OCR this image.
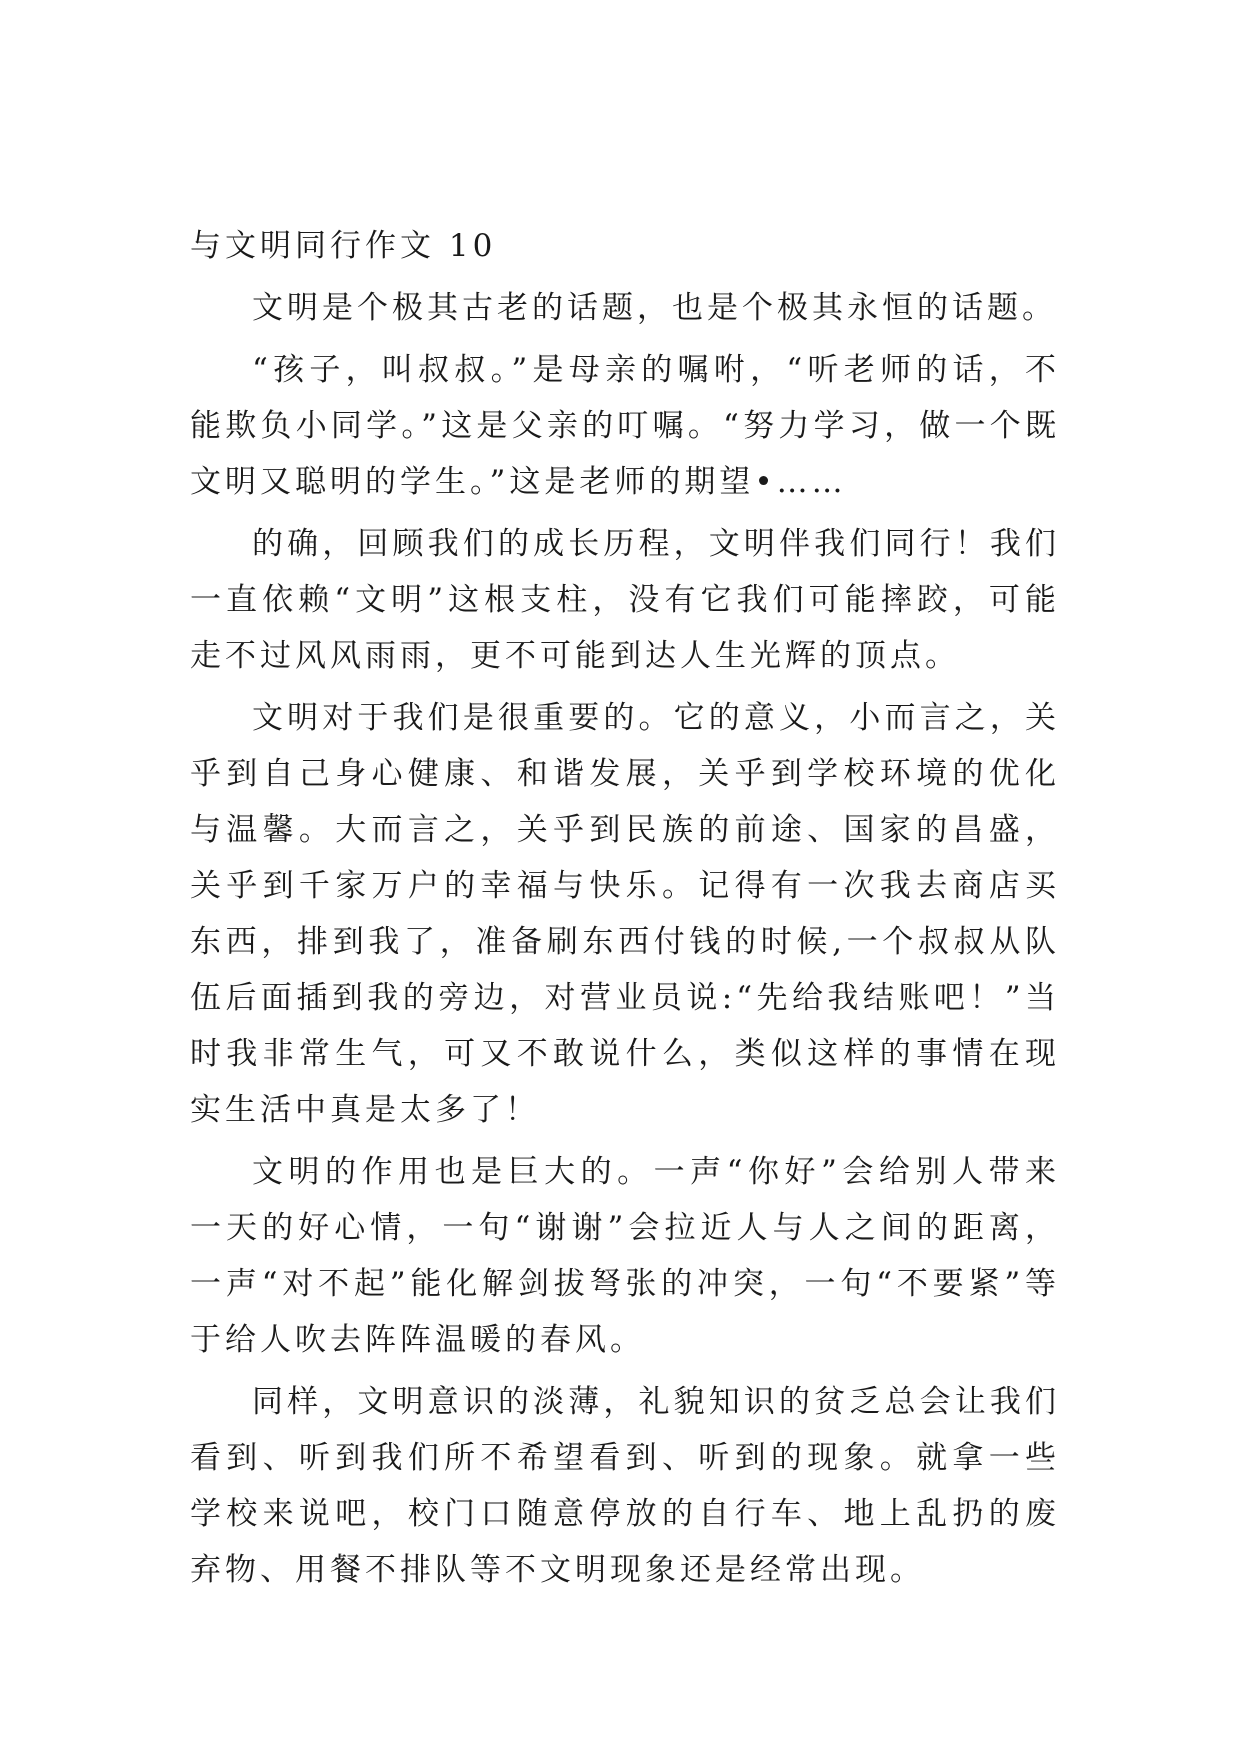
与文明同行作文 10

文明是个极其古老的话题，也是个极其永恒的话题。

“孩子，叫叔叔。”是母亲的嘱咐，“听老师的话，不能欺负小同学。”这是父亲的叮嘱。“努力学习，做一个既文明又聪明的学生。”这是老师的期望•……

的确，回顾我们的成长历程，文明伴我们同行！我们一直依赖“文明”这根支柱，没有它我们可能摔跤，可能走不过风风雨雨，更不可能到达人生光辉的顶点。

文明对于我们是很重要的。它的意义，小而言之，关乎到自己身心健康、和谐发展，关乎到学校环境的优化与温馨。大而言之，关乎到民族的前途、国家的昌盛，关乎到千家万户的幸福与快乐。记得有一次我去商店买东西，排到我了，准备刷东西付钱的时候,一个叔叔从队伍后面插到我的旁边，对营业员说:“先给我结账吧！”当时我非常生气，可又不敢说什么，类似这样的事情在现实生活中真是太多了！

文明的作用也是巨大的。一声“你好”会给别人带来一天的好心情，一句“谢谢”会拉近人与人之间的距离，一声“对不起”能化解剑拔弩张的冲突，一句“不要紧”等于给人吹去阵阵温暖的春风。

同样，文明意识的淡薄，礼貌知识的贫乏总会让我们看到、听到我们所不希望看到、听到的现象。就拿一些学校来说吧，校门口随意停放的自行车、地上乱扔的废弃物、用餐不排队等不文明现象还是经常出现。
